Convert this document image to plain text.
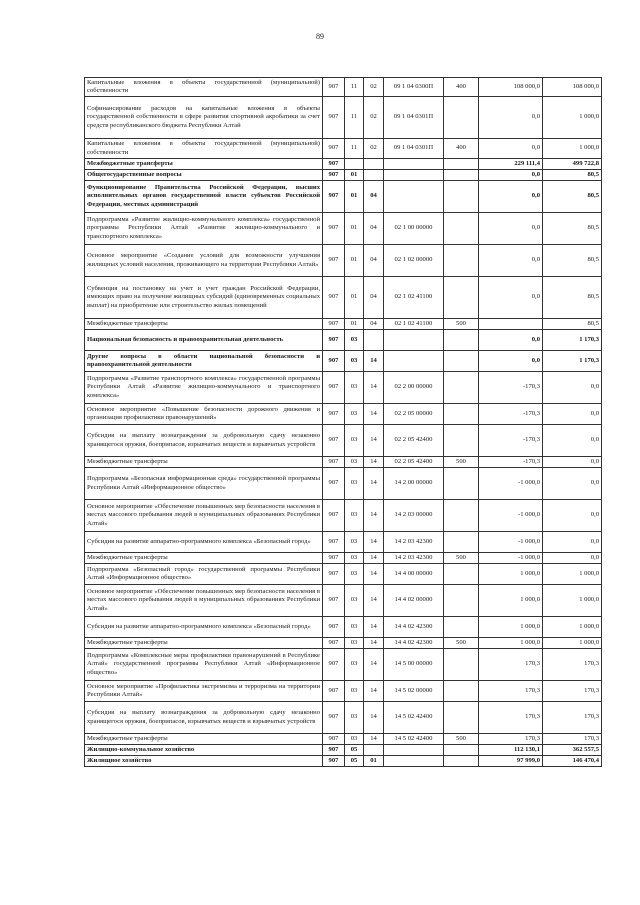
89
Капитальные вложения в объекты государственной (муниципальной) собственности	907	11	02	09 1 04 0300П	400	108 000,0	108 000,0
Софинансирование расходов на капитальные вложения в объекты государственной собственности в сфере развития спортивной акробатики за счет средств республиканского бюджета Республики Алтай	907	11	02	09 1 04 0301П		0,0	1 000,0
Капитальные вложения в объекты государственной (муниципальной) собственности	907	11	02	09 1 04 0301П	400	0,0	1 000,0
Межбюджетные трансферты	907					229 111,4	499 722,8
Общегосударственные вопросы	907	01				0,0	80,5
Функционирование Правительства Российской Федерации, высших исполнительных органов государственной власти субъектов Российской Федерации, местных администраций	907	01	04			0,0	80,5
Подпрограмма «Развитие жилищно-коммунального комплекса» государственной программы Республики Алтай «Развитие жилищно-коммунального и транспортного комплекса»	907	01	04	02 1 00 00000		0,0	80,5
Основное мероприятие «Создание условий для возможности улучшения жилищных условий населения, проживающего на территории Республики Алтай»	907	01	04	02 1 02 00000		0,0	80,5
Субвенция на постановку на учет и учет граждан Российской Федерации, имеющих право на получение жилищных субсидий (единовременных социальных выплат) на приобретение или строительство жилых помещений	907	01	04	02 1 02 41100		0,0	80,5
Межбюджетные трансферты	907	01	04	02 1 02 41100	500		80,5
Национальная безопасность и правоохранительная деятельность	907	03				0,0	1 170,3
Другие вопросы в области национальной безопасности и правоохранительной деятельности	907	03	14			0,0	1 170,3
Подпрограмма «Развитие транспортного комплекса» государственной программы Республики Алтай «Развитие жилищно-коммунального и транспортного комплекса»	907	03	14	02 2 00 00000		-170,3	0,0
Основное мероприятие «Повышение безопасности дорожного движения и организация профилактики правонарушений»	907	03	14	02 2 05 00000		-170,3	0,0
Субсидия на выплату вознаграждения за добровольную сдачу незаконно хранящегося оружия, боеприпасов, взрывчатых веществ и взрывчатых устройств	907	03	14	02 2 05 42400		-170,3	0,0
Межбюджетные трансферты	907	03	14	02 2 05 42400	500	-170,3	0,0
Подпрограмма «Безопасная информационная среда» государственной программы Республики Алтай «Информационное общество»	907	03	14	14 2 00 00000		-1 000,0	0,0
Основное мероприятие «Обеспечение повышенных мер безопасности населения в местах массового пребывания людей в муниципальных образованиях Республики Алтай»	907	03	14	14 2 03 00000		-1 000,0	0,0
Субсидия на развитие аппаратно-программного комплекса «Безопасный город»	907	03	14	14 2 03 42300		-1 000,0	0,0
Межбюджетные трансферты	907	03	14	14 2 03 42300	500	-1 000,0	0,0
Подпрограмма «Безопасный город» государственной программы Республики Алтай «Информационное общество»	907	03	14	14 4 00 00000		1 000,0	1 000,0
Основное мероприятие «Обеспечение повышенных мер безопасности населения в местах массового пребывания людей в муниципальных образованиях Республики Алтай»	907	03	14	14 4 02 00000		1 000,0	1 000,0
Субсидия на развитие аппаратно-программного комплекса «Безопасный город»	907	03	14	14 4 02 42300		1 000,0	1 000,0
Межбюджетные трансферты	907	03	14	14 4 02 42300	500	1 000,0	1 000,0
Подпрограмма «Комплексные меры профилактики правонарушений в Республике Алтай» государственной программы Республики Алтай «Информационное общество»	907	03	14	14 5 00 00000		170,3	170,3
Основное мероприятие «Профилактика экстремизма и терроризма на территории Республики Алтай»	907	03	14	14 5 02 00000		170,3	170,3
Субсидия на выплату вознаграждения за добровольную сдачу незаконно хранящегося оружия, боеприпасов, взрывчатых веществ и взрывчатых устройств	907	03	14	14 5 02 42400		170,3	170,3
Межбюджетные трансферты	907	03	14	14 5 02 42400	500	170,3	170,3
Жилищно-коммунальное хозяйство	907	05				112 130,1	362 557,5
Жилищное хозяйство	907	05	01			97 999,0	146 470,4
